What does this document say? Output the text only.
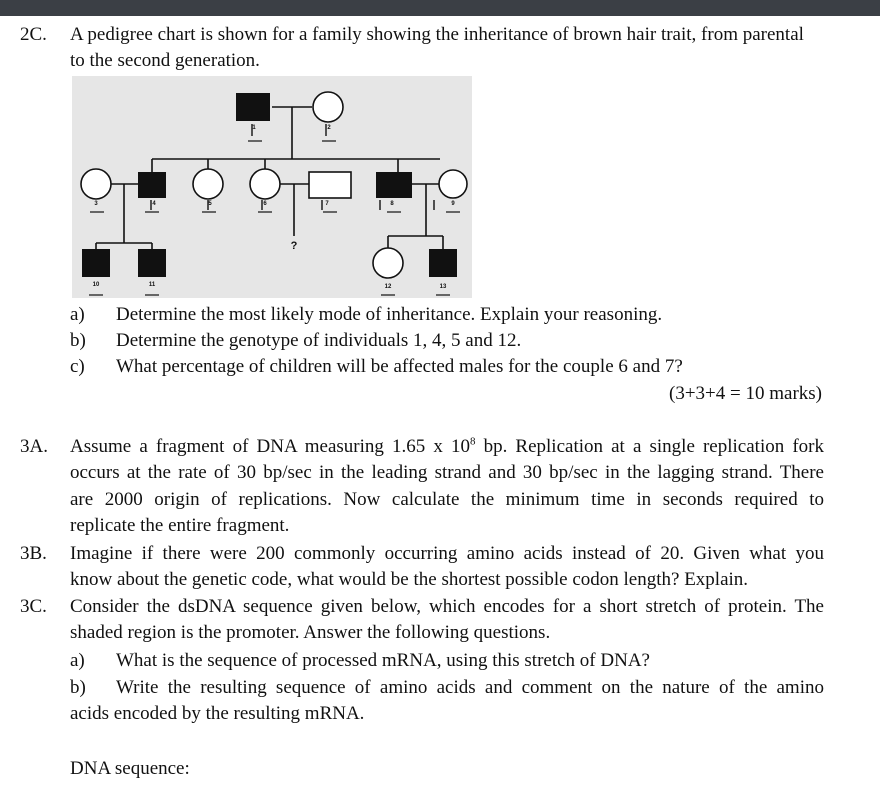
2C. A pedigree chart is shown for a family showing the inheritance of brown hair trait, from parental
to the second generation.
1	2
3	4	5	6	7	8	9
10	11	12	13
?
a) Determine the most likely mode of inheritance. Explain your reasoning.
b) Determine the genotype of individuals 1, 4, 5 and 12.
c) What percentage of children will be affected males for the couple 6 and 7?
(3+3+4 = 10 marks)
3A. Assume a fragment of DNA measuring 1.65 x $10^8$ bp. Replication at a single replication fork
occurs at the rate of 30 bp/sec in the leading strand and 30 bp/sec in the lagging strand. There
are 2000 origin of replications. Now calculate the minimum time in seconds required to
replicate the entire fragment.
3B. Imagine if there were 200 commonly occurring amino acids instead of 20. Given what you
know about the genetic code, what would be the shortest possible codon length? Explain.
3C. Consider the dsDNA sequence given below, which encodes for a short stretch of protein. The
shaded region is the promoter. Answer the following questions.
a) What is the sequence of processed mRNA, using this stretch of DNA?
b) Write the resulting sequence of amino acids and comment on the nature of the amino
acids encoded by the resulting mRNA.
DNA sequence:
